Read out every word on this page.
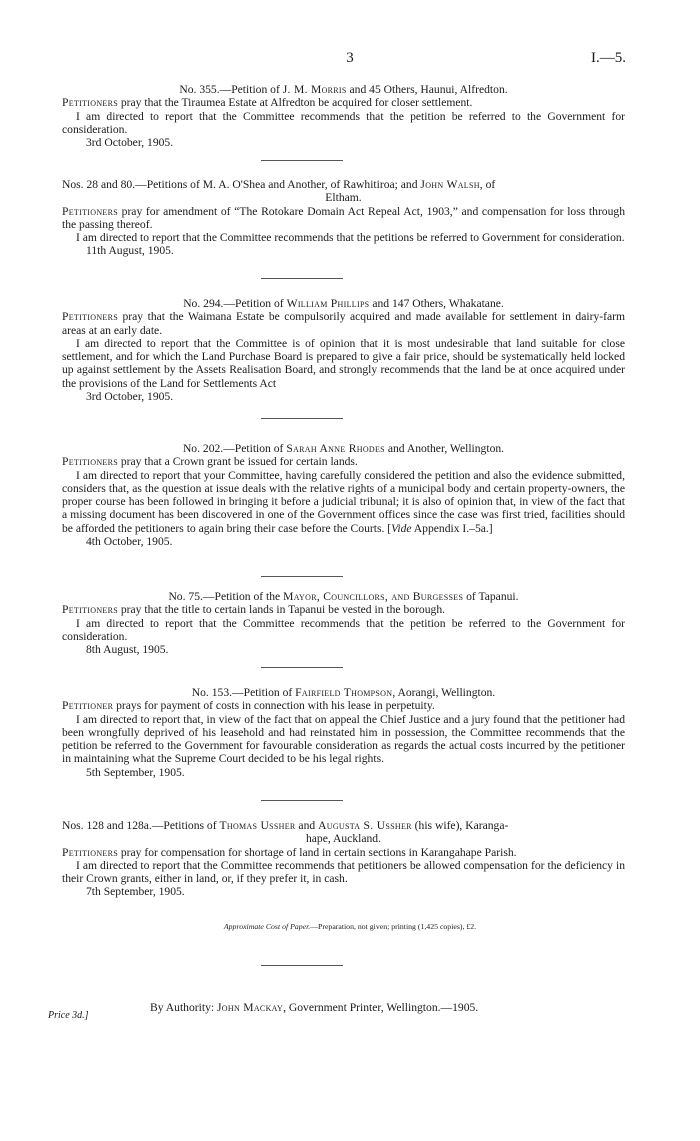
3	I.—5.
No. 355.—Petition of J. M. Morris and 45 Others, Haunui, Alfredton.
Petitioners pray that the Tiraumea Estate at Alfredton be acquired for closer settlement.
I am directed to report that the Committee recommends that the petition be referred to the Government for consideration.
3rd October, 1905.
Nos. 28 and 80.—Petitions of M. A. O'Shea and Another, of Rawhitiroa; and John Walsh, of
Eltham.
Petitioners pray for amendment of “The Rotokare Domain Act Repeal Act, 1903,” and compensation for loss through the passing thereof.
I am directed to report that the Committee recommends that the petitions be referred to Government for consideration.
11th August, 1905.
No. 294.—Petition of William Phillips and 147 Others, Whakatane.
Petitioners pray that the Waimana Estate be compulsorily acquired and made available for settlement in dairy-farm areas at an early date.
I am directed to report that the Committee is of opinion that it is most undesirable that land suitable for close settlement, and for which the Land Purchase Board is prepared to give a fair price, should be systematically held locked up against settlement by the Assets Realisation Board, and strongly recommends that the land be at once acquired under the provisions of the Land for Settlements Act
3rd October, 1905.
No. 202.—Petition of Sarah Anne Rhodes and Another, Wellington.
Petitioners pray that a Crown grant be issued for certain lands.
I am directed to report that your Committee, having carefully considered the petition and also the evidence submitted, considers that, as the question at issue deals with the relative rights of a municipal body and certain property-owners, the proper course has been followed in bringing it before a judicial tribunal; it is also of opinion that, in view of the fact that a missing document has been discovered in one of the Government offices since the case was first tried, facilities should be afforded the petitioners to again bring their case before the Courts. [Vide Appendix I.–5a.]
4th October, 1905.
No. 75.—Petition of the Mayor, Councillors, and Burgesses of Tapanui.
Petitioners pray that the title to certain lands in Tapanui be vested in the borough.
I am directed to report that the Committee recommends that the petition be referred to the Government for consideration.
8th August, 1905.
No. 153.—Petition of Fairfield Thompson, Aorangi, Wellington.
Petitioner prays for payment of costs in connection with his lease in perpetuity.
I am directed to report that, in view of the fact that on appeal the Chief Justice and a jury found that the petitioner had been wrongfully deprived of his leasehold and had reinstated him in possession, the Committee recommends that the petition be referred to the Government for favourable consideration as regards the actual costs incurred by the petitioner in maintaining what the Supreme Court decided to be his legal rights.
5th September, 1905.
Nos. 128 and 128a.—Petitions of Thomas Ussher and Augusta S. Ussher (his wife), Karanga-
hape, Auckland.
Petitioners pray for compensation for shortage of land in certain sections in Karangahape Parish.
I am directed to report that the Committee recommends that petitioners be allowed compensation for the deficiency in their Crown grants, either in land, or, if they prefer it, in cash.
7th September, 1905.
Approximate Cost of Paper.—Preparation, not given; printing (1,425 copies), £2.
By Authority: John Mackay, Government Printer, Wellington.—1905.
Price 3d.]
